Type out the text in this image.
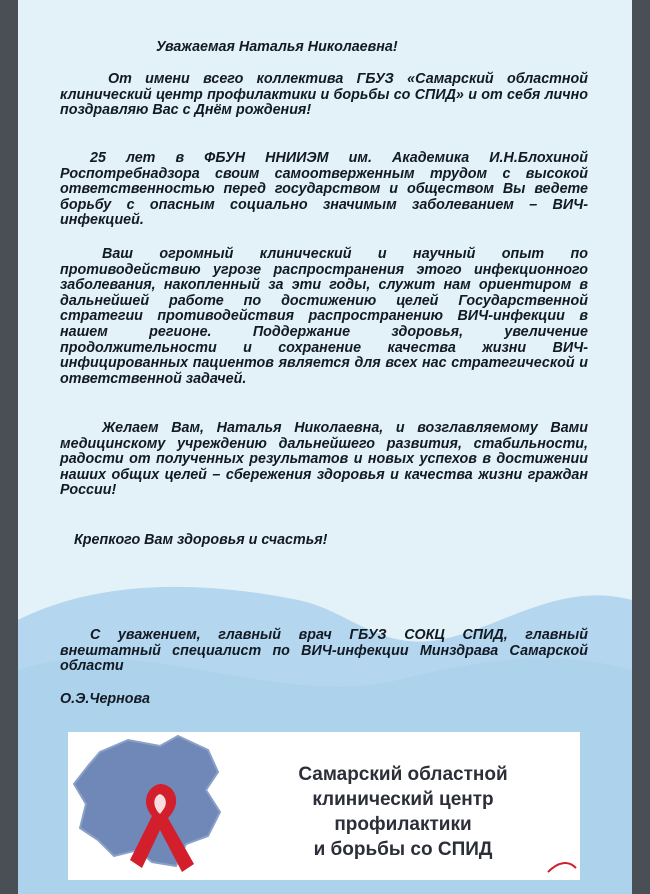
Уважаемая Наталья Николаевна!
От имени всего коллектива ГБУЗ «Самарский областной клинический центр профилактики и борьбы со СПИД» и от себя лично поздравляю Вас с Днём рождения!
25 лет в ФБУН ННИИЭМ им. Академика И.Н.Блохиной Роспотребнадзора своим самоотверженным трудом с высокой ответственностью перед государством и обществом Вы ведете борьбу с опасным социально значимым заболеванием – ВИЧ-инфекцией.
Ваш огромный клинический и научный опыт по противодействию угрозе распространения этого инфекционного заболевания, накопленный за эти годы, служит нам ориентиром в дальнейшей работе по достижению целей Государственной стратегии противодействия распространению ВИЧ-инфекции в нашем регионе. Поддержание здоровья, увеличение продолжительности и сохранение качества жизни ВИЧ-инфицированных пациентов является для всех нас стратегической и ответственной задачей.
Желаем Вам, Наталья Николаевна, и возглавляемому Вами медицинскому учреждению дальнейшего развития, стабильности, радости от полученных результатов и новых успехов в достижении наших общих целей – сбережения здоровья и качества жизни граждан России!
Крепкого Вам здоровья и счастья!
С уважением, главный врач ГБУЗ СОКЦ СПИД, главный внештатный специалист по ВИЧ-инфекции Минздрава Самарской области
О.Э.Чернова
Самарский областной
клинический центр
профилактики
и борьбы со СПИД
